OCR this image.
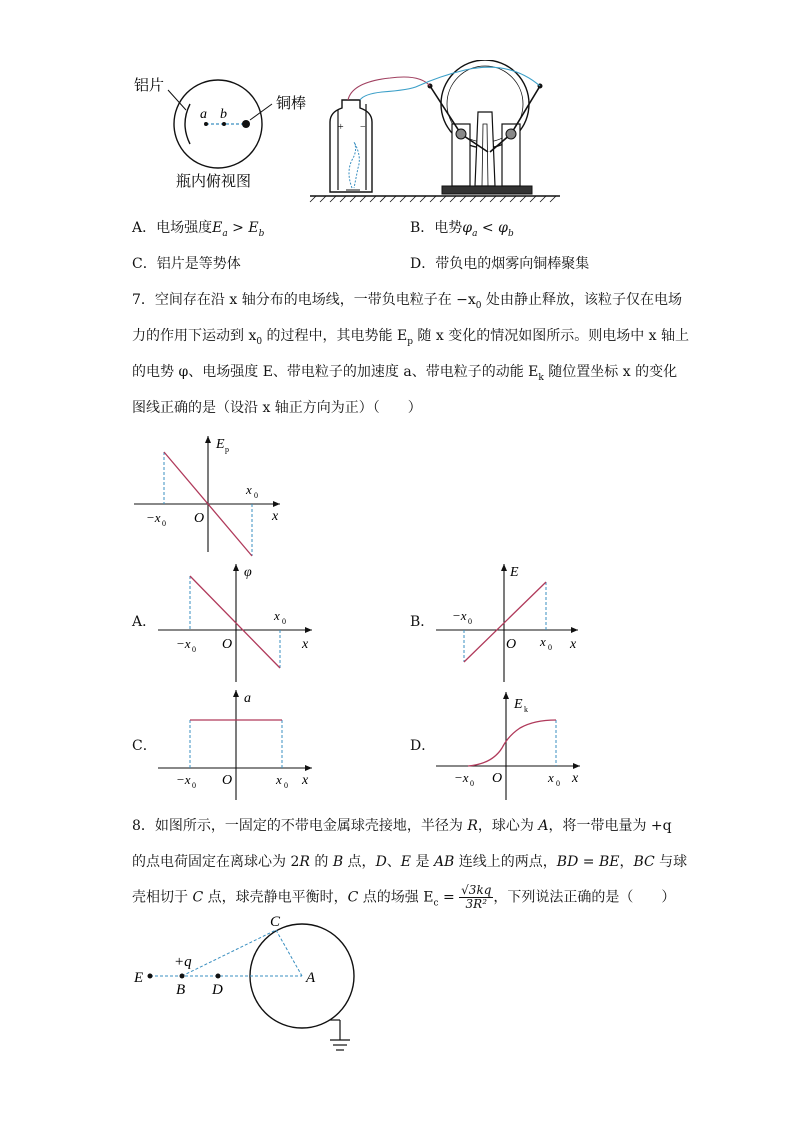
铝片
铜棒
a b
瓶内俯视图
+ −
A．电场强度$E_a > E_b$	B．电势$\varphi_a < \varphi_b$
C．铝片是等势体	D．带负电的烟雾向铜棒聚集
7．空间存在沿 x 轴分布的电场线，一带负电粒子在 $-x_0$ 处由静止释放，该粒子仅在电场
力的作用下运动到 $x_0$ 的过程中，其电势能 $E_p$ 随 x 变化的情况如图所示。则电场中 x 轴上
的电势 φ、电场强度 E、带电粒子的加速度 a、带电粒子的动能 $E_k$ 随位置坐标 x 的变化
图线正确的是（设沿 x 轴正方向为正）（　　）
E p
x
O
−x 0
x 0
A．
φ
x
O
−x 0
x 0	B．
E
x
O
−x 0
x 0
C．
a
x
O
−x 0	x 0
D．
E k
x
O
−x 0	x 0
8．如图所示，一固定的不带电金属球壳接地，半径为 R，球心为 A，将一带电量为 +q
的点电荷固定在离球心为 2R 的 B 点，D、E 是 AB 连线上的两点，BD = BE，BC 与球
壳相切于 C 点，球壳静电平衡时，C 点的场强 $E_c = \frac{√3kq}{\text{3R²}}$ ，下列说法正确的是（　　）
C
+q
E
B D
A
